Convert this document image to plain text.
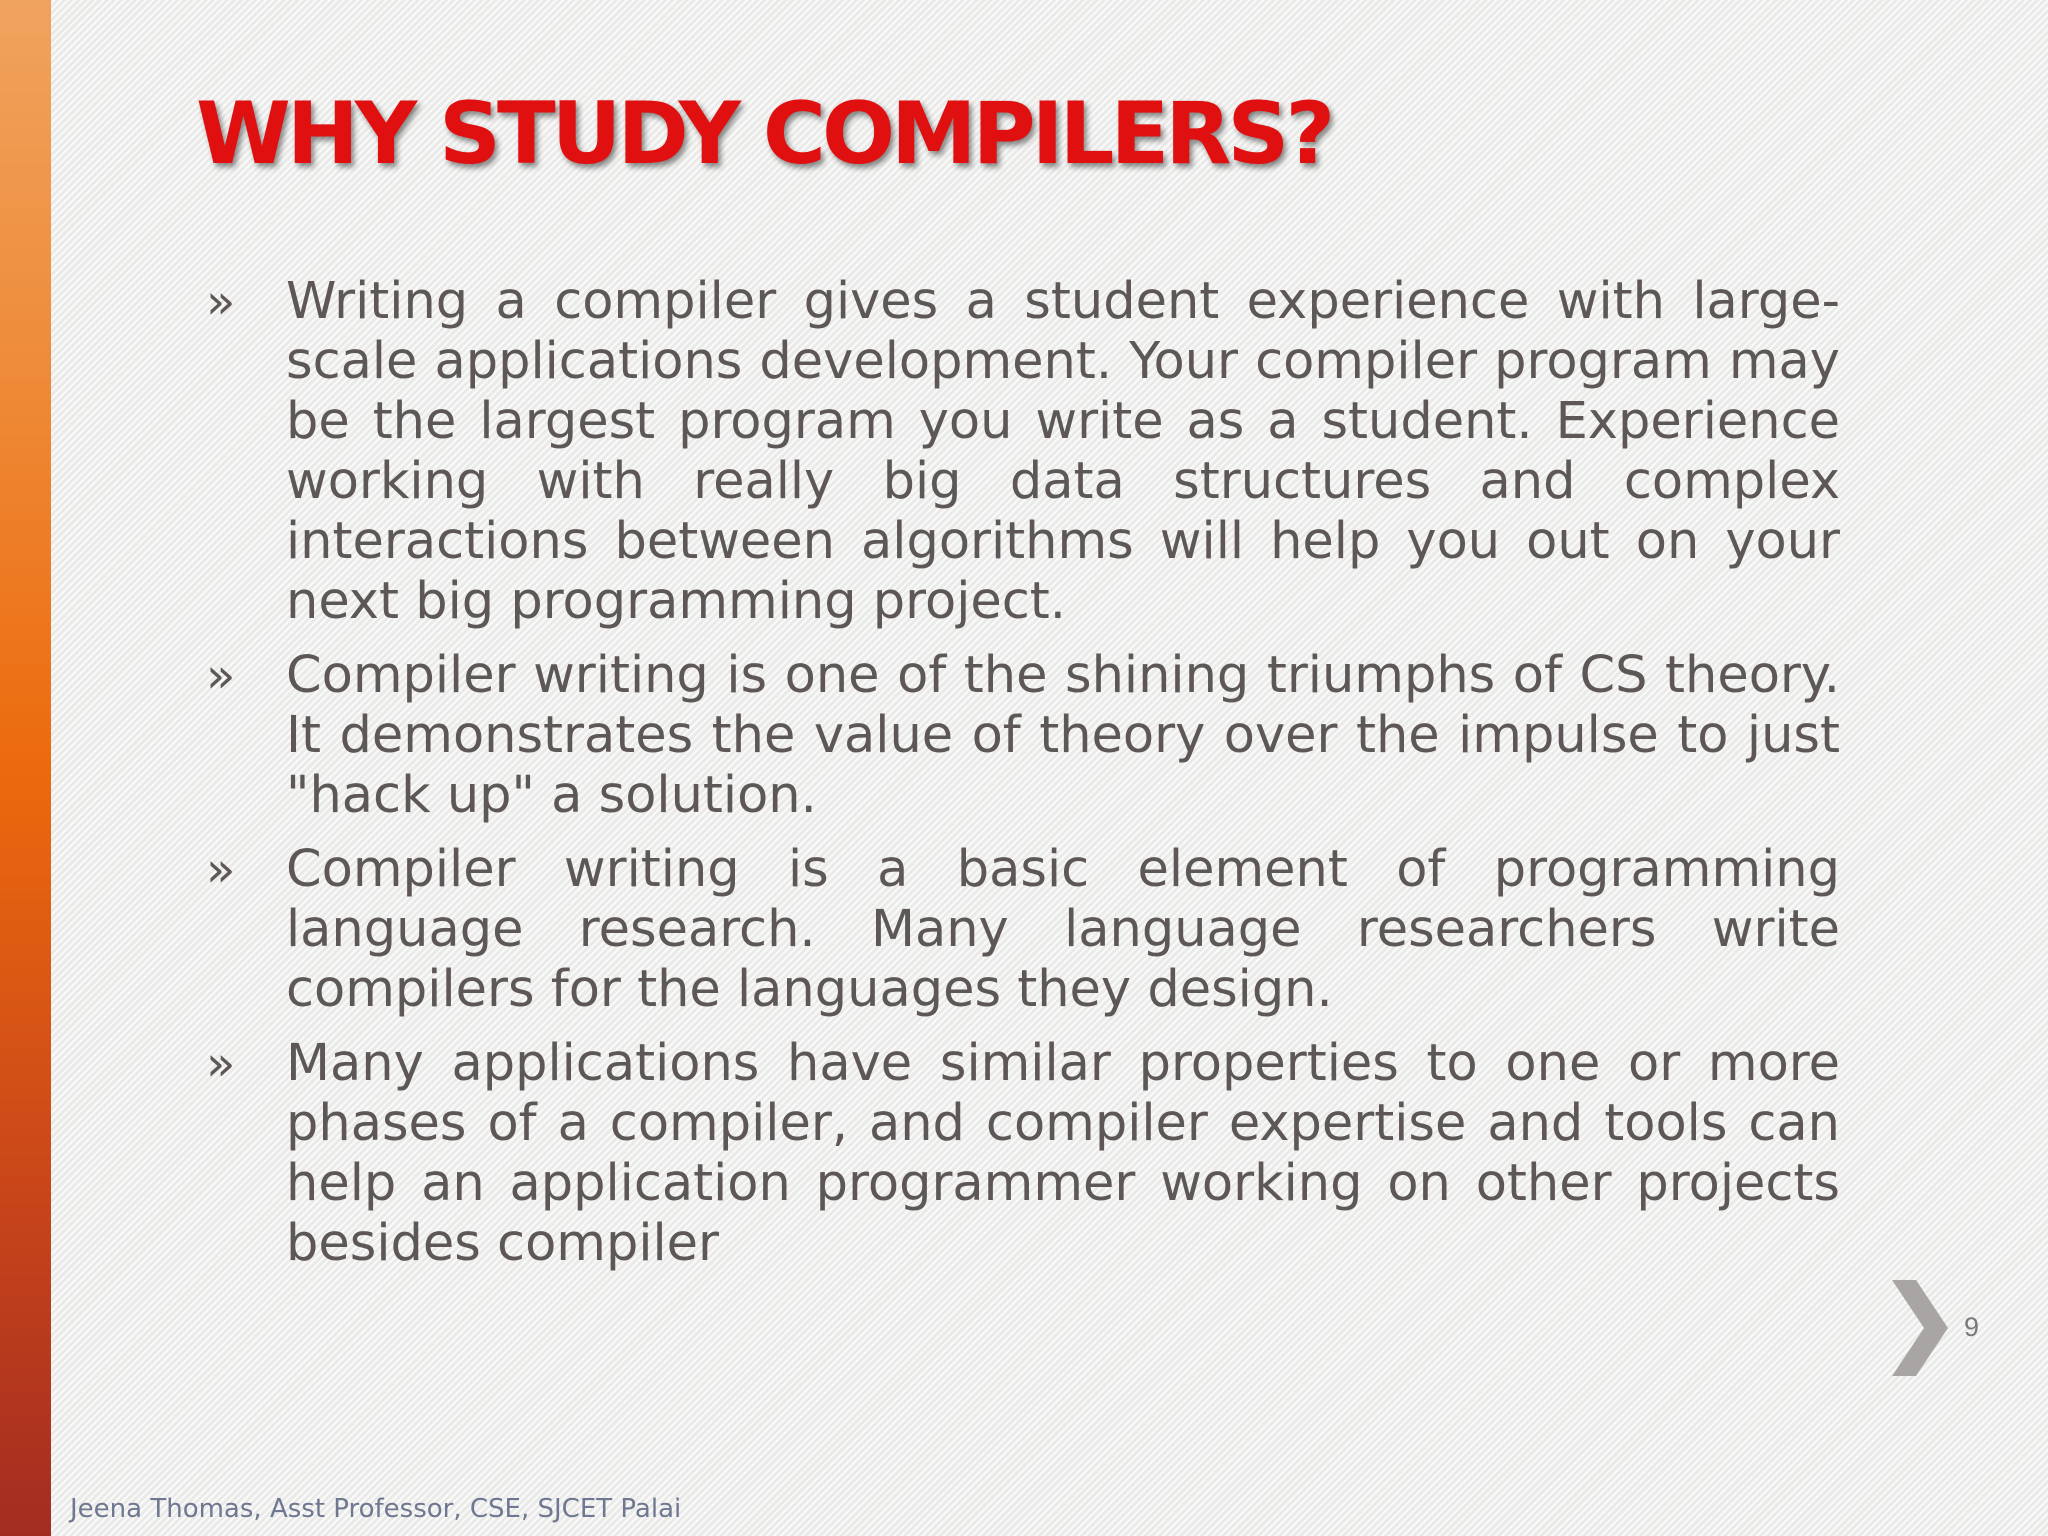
WHY STUDY COMPILERS?
» Writing a compiler gives a student experience with large-scale applications development. Your compiler program may be the largest program you write as a student. Experience working with really big data structures and complex interactions between algorithms will help you out on your next big programming project.
» Compiler writing is one of the shining triumphs of CS theory. It demonstrates the value of theory over the impulse to just "hack up" a solution.
» Compiler writing is a basic element of programming language research. Many language researchers write compilers for the languages they design.
» Many applications have similar properties to one or more phases of a compiler, and compiler expertise and tools can help an application programmer working on other projects besides compiler
9
Jeena Thomas, Asst Professor, CSE, SJCET Palai
